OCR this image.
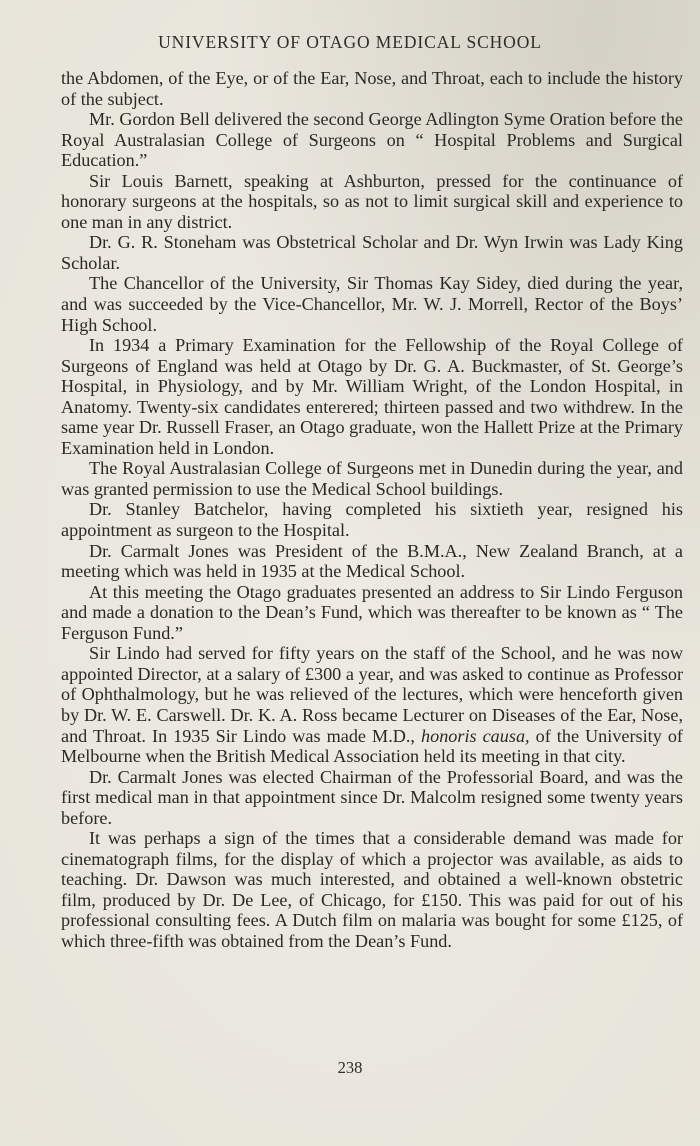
UNIVERSITY OF OTAGO MEDICAL SCHOOL

the Abdomen, of the Eye, or of the Ear, Nose, and Throat, each to include the history of the subject.

Mr. Gordon Bell delivered the second George Adlington Syme Oration before the Royal Australasian College of Surgeons on “ Hospital Problems and Surgical Education.”

Sir Louis Barnett, speaking at Ashburton, pressed for the continuance of honorary surgeons at the hospitals, so as not to limit surgical skill and experience to one man in any district.

Dr. G. R. Stoneham was Obstetrical Scholar and Dr. Wyn Irwin was Lady King Scholar.

The Chancellor of the University, Sir Thomas Kay Sidey, died during the year, and was succeeded by the Vice-Chancellor, Mr. W. J. Morrell, Rector of the Boys’ High School.

In 1934 a Primary Examination for the Fellowship of the Royal College of Surgeons of England was held at Otago by Dr. G. A. Buckmaster, of St. George’s Hospital, in Physiology, and by Mr. William Wright, of the London Hospital, in Anatomy. Twenty-six candidates enterered; thirteen passed and two withdrew. In the same year Dr. Russell Fraser, an Otago graduate, won the Hallett Prize at the Primary Examination held in London.

The Royal Australasian College of Surgeons met in Dunedin during the year, and was granted permission to use the Medical School buildings.

Dr. Stanley Batchelor, having completed his sixtieth year, resigned his appointment as surgeon to the Hospital.

Dr. Carmalt Jones was President of the B.M.A., New Zealand Branch, at a meeting which was held in 1935 at the Medical School.

At this meeting the Otago graduates presented an address to Sir Lindo Ferguson and made a donation to the Dean’s Fund, which was thereafter to be known as “ The Ferguson Fund.”

Sir Lindo had served for fifty years on the staff of the School, and he was now appointed Director, at a salary of £300 a year, and was asked to continue as Professor of Ophthalmology, but he was relieved of the lectures, which were henceforth given by Dr. W. E. Carswell. Dr. K. A. Ross became Lecturer on Diseases of the Ear, Nose, and Throat. In 1935 Sir Lindo was made M.D., honoris causa, of the University of Melbourne when the British Medical Association held its meeting in that city.

Dr. Carmalt Jones was elected Chairman of the Professorial Board, and was the first medical man in that appointment since Dr. Malcolm resigned some twenty years before.

It was perhaps a sign of the times that a considerable demand was made for cinematograph films, for the display of which a projector was available, as aids to teaching. Dr. Dawson was much interested, and obtained a well-known obstetric film, produced by Dr. De Lee, of Chicago, for £150. This was paid for out of his professional consulting fees. A Dutch film on malaria was bought for some £125, of which three-fifth was obtained from the Dean’s Fund.

238
